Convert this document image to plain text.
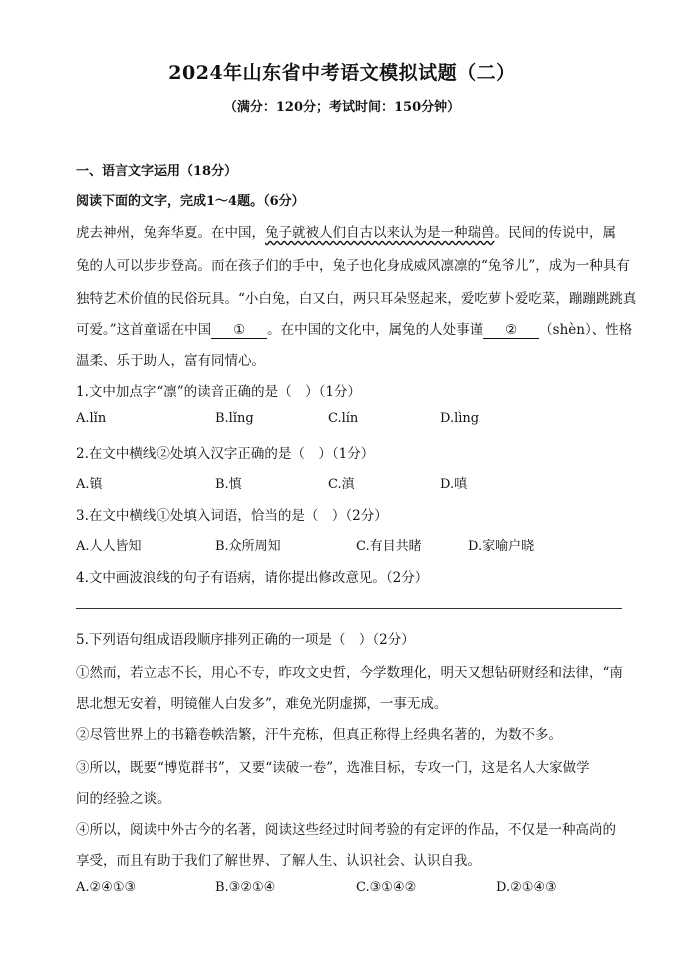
2024年山东省中考语文模拟试题（二）
（满分：120分；考试时间：150分钟）
一、语言文字运用（18分）
阅读下面的文字，完成1～4题。（6分）
虎去神州，兔奔华夏。在中国，兔子就被人们自古以来认为是一种瑞兽。民间的传说中，属
兔的人可以步步登高。而在孩子们的手中，兔子也化身成威风凛凛的“兔爷儿”，成为一种具有
独特艺术价值的民俗玩具。“小白兔，白又白，两只耳朵竖起来，爱吃萝卜爱吃菜，蹦蹦跳跳真
可爱。”这首童谣在中国 ① 。在中国的文化中，属兔的人处事谨 ② （shèn）、性格
温柔、乐于助人，富有同情心。
1.文中加点字“凛”的读音正确的是（　）（1分）
A.lǐn	B.lǐng	C.lín	D.lìng
2.在文中横线②处填入汉字正确的是（　）（1分）
A.镇	B.慎	C.滇	D.嗔
3.在文中横线①处填入词语，恰当的是（　）（2分）
A.人人皆知	B.众所周知	C.有目共睹	D.家喻户晓
4.文中画波浪线的句子有语病，请你提出修改意见。（2分）
5.下列语句组成语段顺序排列正确的一项是（　）（2分）
①然而，若立志不长，用心不专，昨攻文史哲，今学数理化，明天又想钻研财经和法律，“南
思北想无安着，明镜催人白发多”，难免光阴虚掷，一事无成。
②尽管世界上的书籍卷帙浩繁，汗牛充栋，但真正称得上经典名著的，为数不多。
③所以，既要“博览群书”，又要“读破一卷”，选准目标，专攻一门，这是名人大家做学
问的经验之谈。
④所以，阅读中外古今的名著，阅读这些经过时间考验的有定评的作品，不仅是一种高尚的
享受，而且有助于我们了解世界、了解人生、认识社会、认识自我。
A.②④①③	B.③②①④	C.③①④②	D.②①④③
